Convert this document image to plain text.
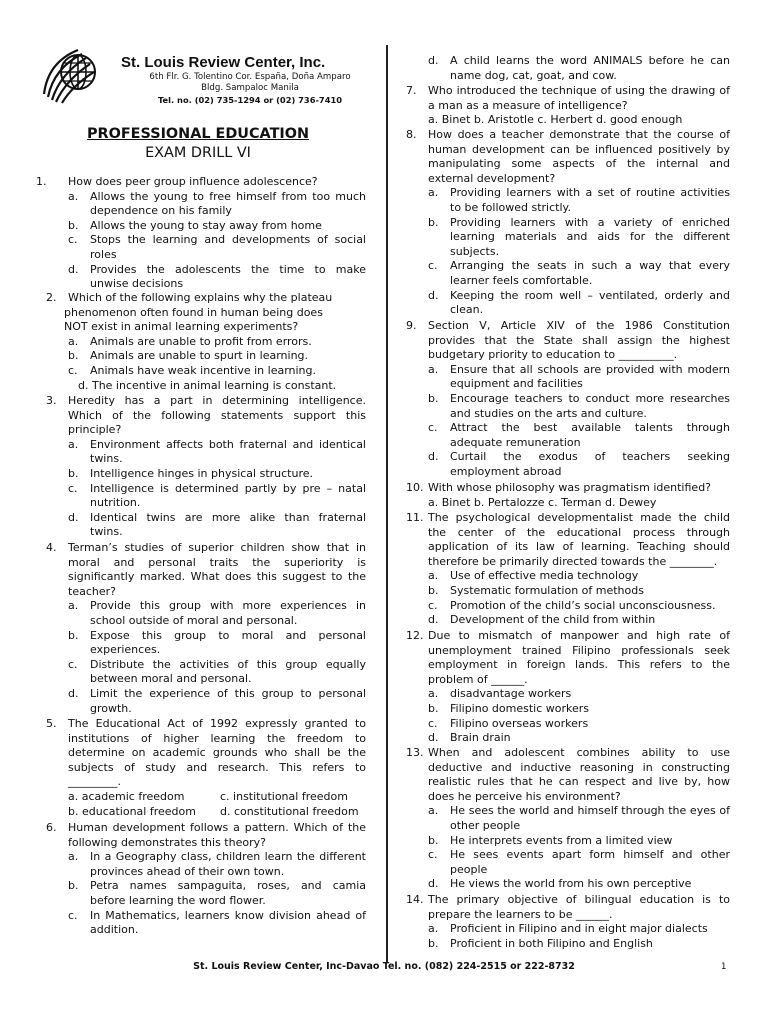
St. Louis Review Center, Inc.
6th Flr. G. Tolentino Cor. España, Doña Amparo
Bldg. Sampaloc Manila
Tel. no. (02) 735-1294 or (02) 736-7410
PROFESSIONAL EDUCATION
EXAM DRILL VI
1. How does peer group influence adolescence?
a. Allows the young to free himself from too much dependence on his family
b. Allows the young to stay away from home
c. Stops the learning and developments of social roles
d. Provides the adolescents the time to make unwise decisions
2. Which of the following explains why the plateau
phenomenon often found in human being does
NOT exist in animal learning experiments?
a. Animals are unable to profit from errors.
b. Animals are unable to spurt in learning.
c. Animals have weak incentive in learning.
d. The incentive in animal learning is constant.
3. Heredity has a part in determining intelligence. Which of the following statements support this principle?
a. Environment affects both fraternal and identical twins.
b. Intelligence hinges in physical structure.
c. Intelligence is determined partly by pre – natal nutrition.
d. Identical twins are more alike than fraternal twins.
4. Terman’s studies of superior children show that in moral and personal traits the superiority is significantly marked. What does this suggest to the teacher?
a. Provide this group with more experiences in school outside of moral and personal.
b. Expose this group to moral and personal experiences.
c. Distribute the activities of this group equally between moral and personal.
d. Limit the experience of this group to personal growth.
5. The Educational Act of 1992 expressly granted to institutions of higher learning the freedom to determine on academic grounds who shall be the subjects of study and research. This refers to _________.
a. academic freedom	c. institutional freedom
b. educational freedom d. constitutional freedom
6. Human development follows a pattern. Which of the following demonstrates this theory?
a. In a Geography class, children learn the different provinces ahead of their own town.
b. Petra names sampaguita, roses, and camia before learning the word flower.
c. In Mathematics, learners know division ahead of addition.
d. A child learns the word ANIMALS before he can name dog, cat, goat, and cow.
7. Who introduced the technique of using the drawing of a man as a measure of intelligence?
a. Binet b. Aristotle c. Herbert d. good enough
8. How does a teacher demonstrate that the course of human development can be influenced positively by manipulating some aspects of the internal and external development?
a. Providing learners with a set of routine activities to be followed strictly.
b. Providing learners with a variety of enriched learning materials and aids for the different subjects.
c. Arranging the seats in such a way that every learner feels comfortable.
d. Keeping the room well – ventilated, orderly and clean.
9. Section V, Article XIV of the 1986 Constitution provides that the State shall assign the highest budgetary priority to education to __________.
a. Ensure that all schools are provided with modern equipment and facilities
b. Encourage teachers to conduct more researches and studies on the arts and culture.
c. Attract the best available talents through adequate remuneration
d. Curtail the exodus of teachers seeking employment abroad
10. With whose philosophy was pragmatism identified?
a. Binet b. Pertalozze c. Terman d. Dewey
11. The psychological developmentalist made the child the center of the educational process through application of its law of learning. Teaching should therefore be primarily directed towards the ________.
a. Use of effective media technology
b. Systematic formulation of methods
c. Promotion of the child’s social unconsciousness.
d. Development of the child from within
12. Due to mismatch of manpower and high rate of unemployment trained Filipino professionals seek employment in foreign lands. This refers to the problem of ______.
a. disadvantage workers
b. Filipino domestic workers
c. Filipino overseas workers
d. Brain drain
13. When and adolescent combines ability to use deductive and inductive reasoning in constructing realistic rules that he can respect and live by, how does he perceive his environment?
a. He sees the world and himself through the eyes of other people
b. He interprets events from a limited view
c. He sees events apart form himself and other people
d. He views the world from his own perceptive
14. The primary objective of bilingual education is to prepare the learners to be ______.
a. Proficient in Filipino and in eight major dialects
b. Proficient in both Filipino and English
St. Louis Review Center, Inc-Davao Tel. no. (082) 224-2515 or 222-8732	1
